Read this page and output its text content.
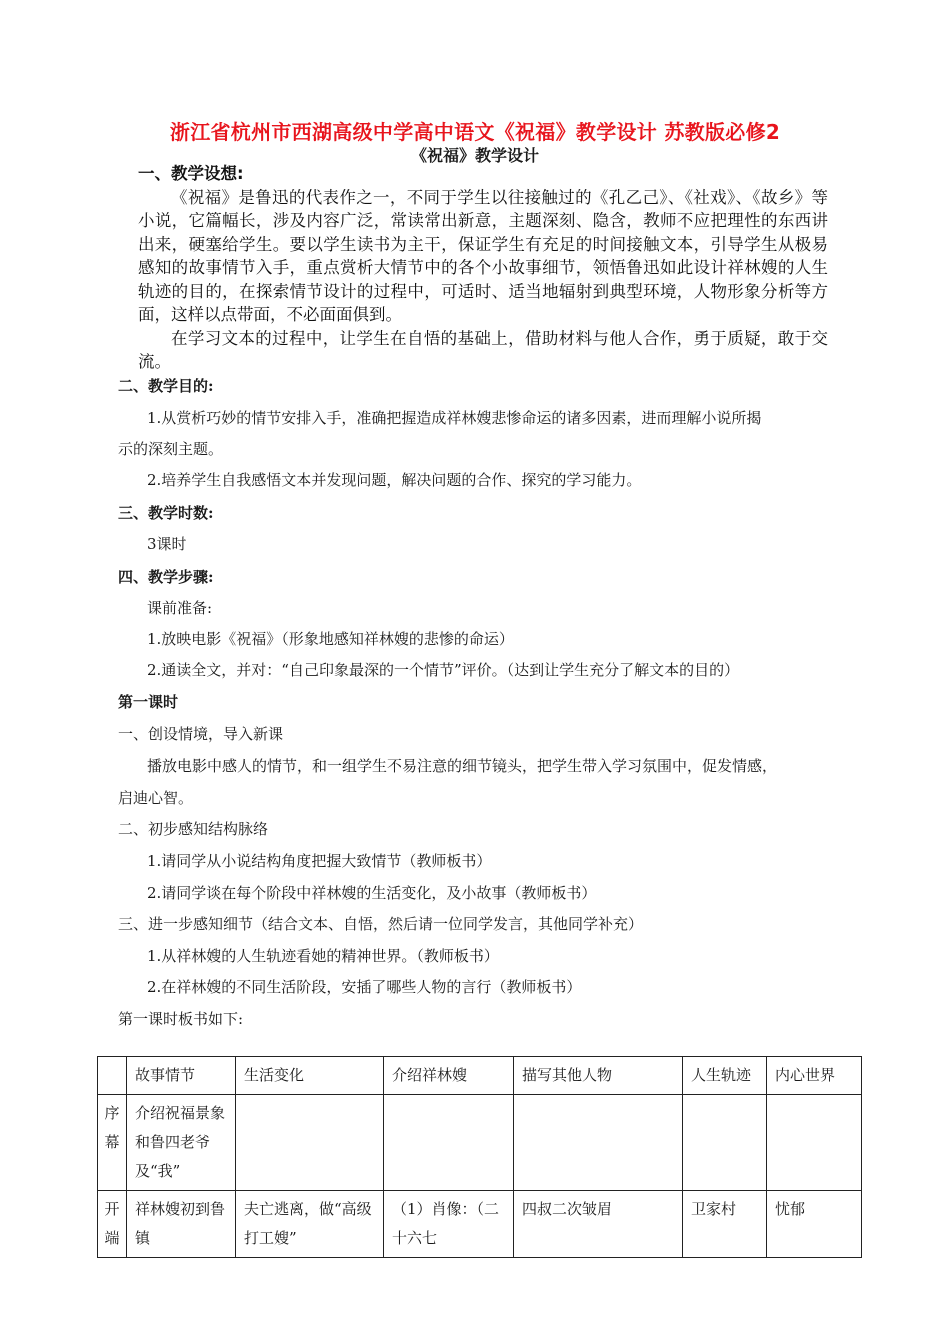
浙江省杭州市西湖高级中学高中语文《祝福》教学设计 苏教版必修2
《祝福》教学设计
一、教学设想:

《祝福》是鲁迅的代表作之一，不同于学生以往接触过的《孔乙己》、《社戏》、《故乡》等小说，它篇幅长，涉及内容广泛，常读常出新意，主题深刻、隐含，教师不应把理性的东西讲出来，硬塞给学生。要以学生读书为主干，保证学生有充足的时间接触文本，引导学生从极易感知的故事情节入手，重点赏析大情节中的各个小故事细节，领悟鲁迅如此设计祥林嫂的人生轨迹的目的，在探索情节设计的过程中，可适时、适当地辐射到典型环境，人物形象分析等方面，这样以点带面，不必面面俱到。

在学习文本的过程中，让学生在自悟的基础上，借助材料与他人合作，勇于质疑，敢于交流。

二、教学目的:
1.从赏析巧妙的情节安排入手，准确把握造成祥林嫂悲惨命运的诸多因素，进而理解小说所揭
示的深刻主题。
2.培养学生自我感悟文本并发现问题，解决问题的合作、探究的学习能力。
三、教学时数:
3课时
四、教学步骤:
课前准备:
1.放映电影《祝福》（形象地感知祥林嫂的悲惨的命运）
2.通读全文，并对：“自己印象最深的一个情节”评价。（达到让学生充分了解文本的目的）
第一课时
一、创设情境，导入新课
播放电影中感人的情节，和一组学生不易注意的细节镜头，把学生带入学习氛围中，促发情感，
启迪心智。
二、初步感知结构脉络
1.请同学从小说结构角度把握大致情节（教师板书）
2.请同学谈在每个阶段中祥林嫂的生活变化，及小故事（教师板书）
三、进一步感知细节（结合文本、自悟，然后请一位同学发言，其他同学补充）
1.从祥林嫂的人生轨迹看她的精神世界。（教师板书）
2.在祥林嫂的不同生活阶段，安插了哪些人物的言行（教师板书）
第一课时板书如下:
	故事情节	生活变化	介绍祥林嫂	描写其他人物	人生轨迹	内心世界
序幕	介绍祝福景象和鲁四老爷及“我”					
开端	祥林嫂初到鲁镇	夫亡逃离，做“高级打工嫂”	（1）肖像：（二十六七	四叔二次皱眉	卫家村	忧郁
